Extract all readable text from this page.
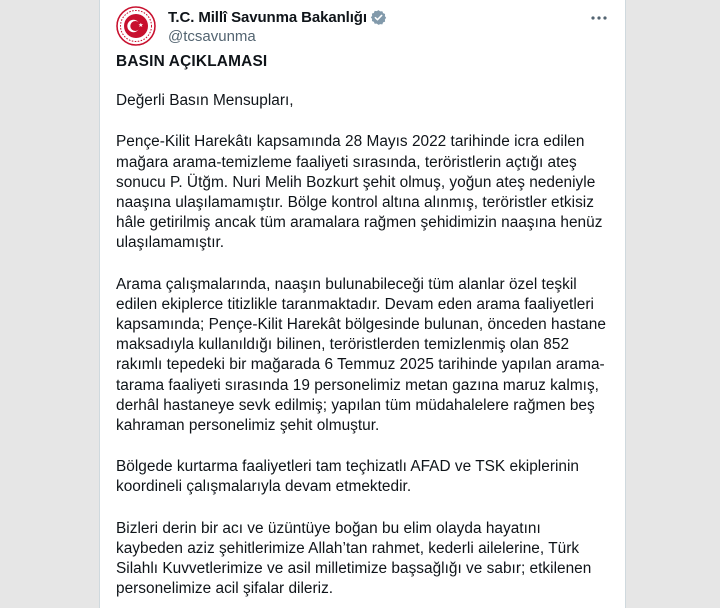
T.C. Millî Savunma Bakanlığı
@tcsavunma

BASIN AÇIKLAMASI

Değerli Basın Mensupları,

Pençe-Kilit Harekâtı kapsamında 28 Mayıs 2022 tarihinde icra edilen mağara arama-temizleme faaliyeti sırasında, teröristlerin açtığı ateş sonucu P. Ütğm. Nuri Melih Bozkurt şehit olmuş, yoğun ateş nedeniyle naaşına ulaşılamamıştır. Bölge kontrol altına alınmış, teröristler etkisiz hâle getirilmiş ancak tüm aramalara rağmen şehidimizin naaşına henüz ulaşılamamıştır.

Arama çalışmalarında, naaşın bulunabileceği tüm alanlar özel teşkil edilen ekiplerce titizlikle taranmaktadır. Devam eden arama faaliyetleri kapsamında; Pençe-Kilit Harekât bölgesinde bulunan, önceden hastane maksadıyla kullanıldığı bilinen, teröristlerden temizlenmiş olan 852 rakımlı tepedeki bir mağarada 6 Temmuz 2025 tarihinde yapılan arama-tarama faaliyeti sırasında 19 personelimiz metan gazına maruz kalmış, derhâl hastaneye sevk edilmiş; yapılan tüm müdahalelere rağmen beş kahraman personelimiz şehit olmuştur.

Bölgede kurtarma faaliyetleri tam teçhizatlı AFAD ve TSK ekiplerinin koordineli çalışmalarıyla devam etmektedir.

Bizleri derin bir acı ve üzüntüye boğan bu elim olayda hayatını kaybeden aziz şehitlerimize Allah’tan rahmet, kederli ailelerine, Türk Silahlı Kuvvetlerimize ve asil milletimize başsağlığı ve sabır; etkilenen personelimize acil şifalar dileriz.
